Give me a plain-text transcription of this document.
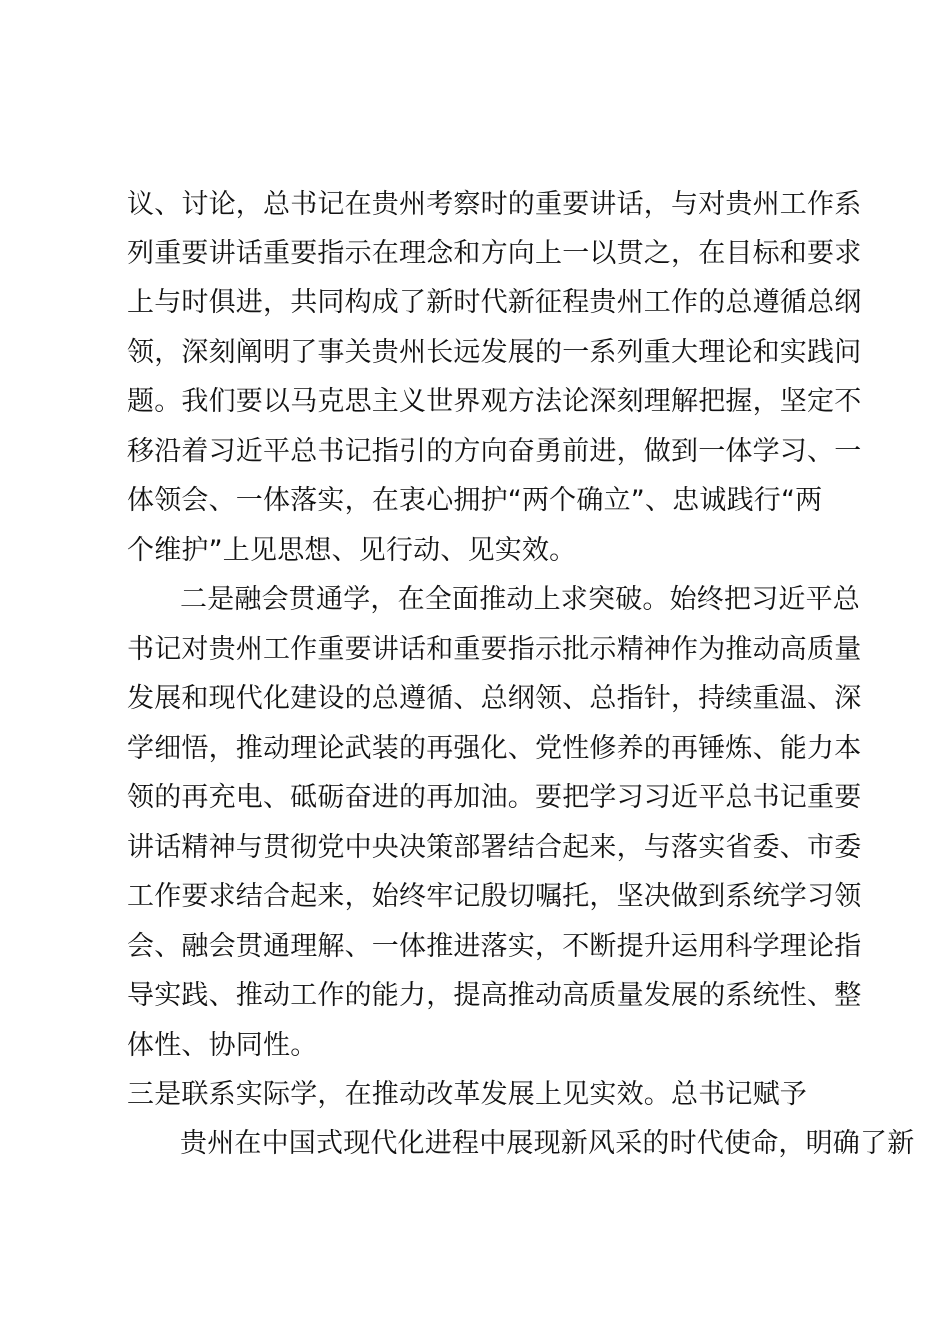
议、讨论，总书记在贵州考察时的重要讲话，与对贵州工作系
列重要讲话重要指示在理念和方向上一以贯之，在目标和要求
上与时俱进，共同构成了新时代新征程贵州工作的总遵循总纲
领，深刻阐明了事关贵州长远发展的一系列重大理论和实践问
题。我们要以马克思主义世界观方法论深刻理解把握，坚定不
移沿着习近平总书记指引的方向奋勇前进，做到一体学习、一
体领会、一体落实，在衷心拥护“两个确立”、忠诚践行“两
个维护”上见思想、见行动、见实效。
二是融会贯通学，在全面推动上求突破。始终把习近平总
书记对贵州工作重要讲话和重要指示批示精神作为推动高质量
发展和现代化建设的总遵循、总纲领、总指针，持续重温、深
学细悟，推动理论武装的再强化、党性修养的再锤炼、能力本
领的再充电、砥砺奋进的再加油。要把学习习近平总书记重要
讲话精神与贯彻党中央决策部署结合起来，与落实省委、市委
工作要求结合起来，始终牢记殷切嘱托，坚决做到系统学习领
会、融会贯通理解、一体推进落实，不断提升运用科学理论指
导实践、推动工作的能力，提高推动高质量发展的系统性、整
体性、协同性。
三是联系实际学，在推动改革发展上见实效。总书记赋予
贵州在中国式现代化进程中展现新风采的时代使命，明确了新
